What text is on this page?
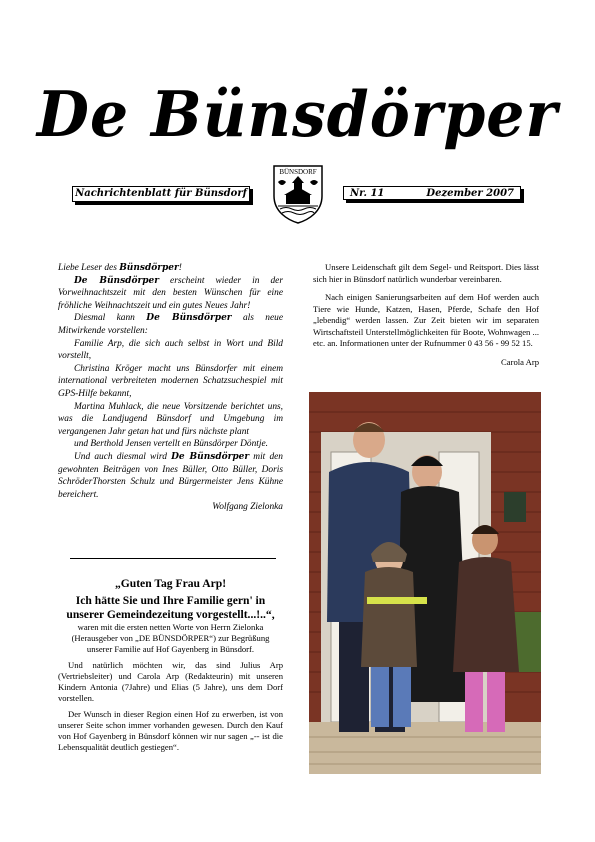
De Bünsdörper
Nachrichtenblatt für Bünsdorf
BÜNSDORF
Nr. 11	Dezember 2007

Liebe Leser des Bünsdörper!

De Bünsdörper erscheint wieder in der Vorweihnachtszeit mit den besten Wünschen für eine fröhliche Weihnachtszeit und ein gutes Neues Jahr!

Diesmal kann De Bünsdörper als neue Mitwirkende vorstellen:

Familie Arp, die sich auch selbst in Wort und Bild vorstellt,

Christina Kröger macht uns Bünsdorfer mit einem international verbreiteten modernen Schatzsuchespiel mit GPS-Hilfe bekannt,

Martina Muhlack, die neue Vorsitzende berichtet uns, was die Landjugend Bünsdorf und Umgebung im vergangenen Jahr getan hat und fürs nächste plant

und Berthold Jensen vertellt en Bünsdörper Döntje.

Und auch diesmal wird De Bünsdörper mit den gewohnten Beiträgen von Ines Büller, Otto Büller, Doris SchröderThorsten Schulz und Bürgermeister Jens Kühne bereichert.

Wolfgang Zielonka

„Guten Tag Frau Arp!
Ich hätte Sie und Ihre Familie gern' in unserer Gemeindezeitung vorgestellt...!..“,

waren mit die ersten netten Worte von Herrn Zielonka (Herausgeber von „DE BÜNSDÖRPER“) zur Begrüßung unserer Familie auf Hof Gayenberg in Bünsdorf.

Und natürlich möchten wir, das sind Julius Arp (Vertriebsleiter) und Carola Arp (Redakteurin) mit unseren Kindern Antonia (7Jahre) und Elias (5 Jahre), uns dem Dorf vorstellen.

Der Wunsch in dieser Region einen Hof zu erwerben, ist von unserer Seite schon immer vorhanden gewesen. Durch den Kauf von Hof Gayenberg in Bünsdorf können wir nur sagen „-- ist die Lebensqualität deutlich gestiegen“.

Unsere Leidenschaft gilt dem Segel- und Reitsport. Dies lässt sich hier in Bünsdorf natürlich wunderbar vereinbaren.

Nach einigen Sanierungsarbeiten auf dem Hof werden auch Tiere wie Hunde, Katzen, Hasen, Pferde, Schafe den Hof „lebendig“ werden lassen. Zur Zeit bieten wir im separaten Wirtschaftsteil Unterstellmöglichkeiten für Boote, Wohnwagen ... etc. an. Informationen unter der Rufnummer 0 43 56 - 99 52 15.

Carola Arp
